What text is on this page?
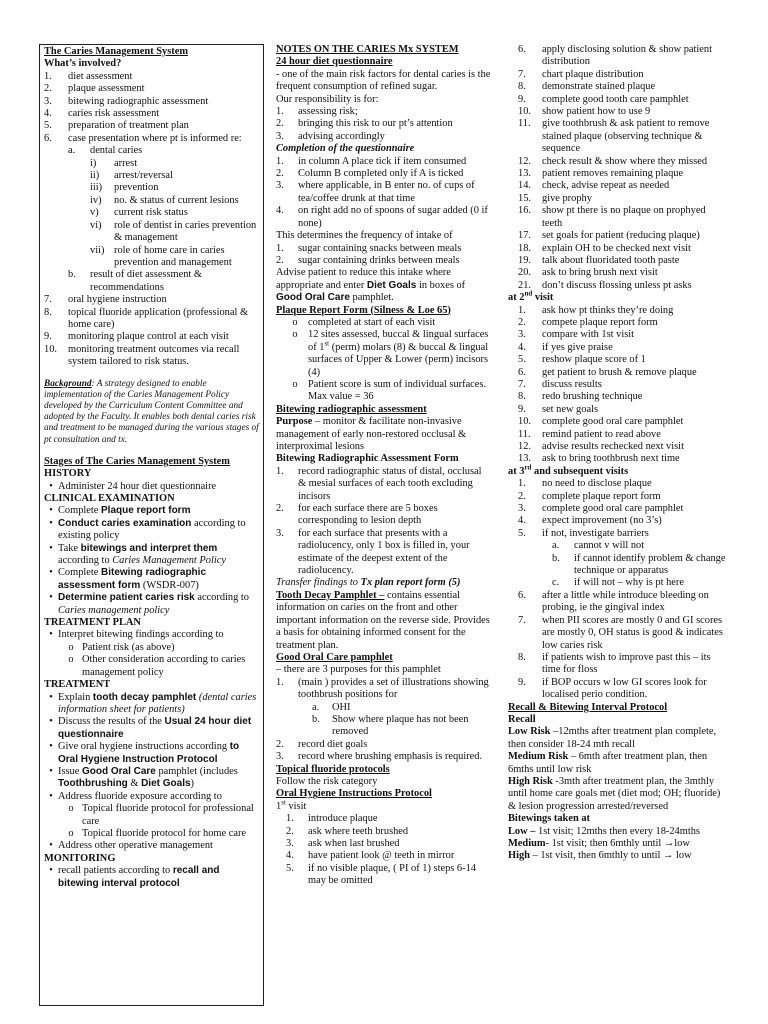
The Caries Management System
What’s involved?
1.	diet assessment
2.	plaque assessment
3.	bitewing radiographic assessment
4.	caries risk assessment
5.	preparation of treatment plan
6.	case presentation where pt is informed re:
a.	dental caries
i)	arrest
ii)	arrest/reversal
iii)	prevention
iv)	no. & status of current lesions
v)	current risk status
vi)	role of dentist in caries prevention & management
vii) role of home care in caries prevention and management
b.	result of diet assessment & recommendations
7.	oral hygiene instruction
8.	topical fluoride application (professional & home care)
9.	monitoring plaque control at each visit
10.	monitoring treatment outcomes via recall system tailored to risk status.
Background: A strategy designed to enable implementation of the Caries Management Policy developed by the Curriculum Content Committee and adopted by the Faculty. It enables both dental caries risk and treatment to be managed during the various stages of pt consultation and tx.
Stages of The Caries Management System
HISTORY
• Administer 24 hour diet questionnaire
CLINICAL EXAMINATION
• Complete Plaque report form
• Conduct caries examination according to existing policy
• Take bitewings and interpret them according to Caries Management Policy
• Complete Bitewing radiographic assessment form (WSDR-007)
• Determine patient caries risk according to Caries management policy
TREATMENT PLAN
• Interpret bitewing findings according to
o Patient risk (as above)
o Other consideration according to caries management policy
TREATMENT
• Explain tooth decay pamphlet (dental caries information sheet for patients)
• Discuss the results of the Usual 24 hour diet questionnaire
• Give oral hygiene instructions according to Oral Hygiene Instruction Protocol
• Issue Good Oral Care pamphlet (includes Toothbrushing & Diet Goals)
• Address fluoride exposure according to
o Topical fluoride protocol for professional care
o Topical fluoride protocol for home care
• Address other operative management
MONITORING
• recall patients according to recall and bitewing interval protocol
NOTES ON THE CARIES Mx SYSTEM
24 hour diet questionnaire
- one of the main risk factors for dental caries is the frequent consumption of refined sugar.
Our responsibility is for:
1.	assessing risk;
2.	bringing this risk to our pt’s attention
3.	advising accordingly
Completion of the questionnaire
1.	in column A place tick if item consumed
2.	Column B completed only if A is ticked
3.	where applicable, in B enter no. of cups of tea/coffee drunk at that time
4.	on right add no of spoons of sugar added (0 if none)
This determines the frequency of intake of
1.	sugar containing snacks between meals
2.	sugar containing drinks between meals
Advise patient to reduce this intake where appropriate and enter Diet Goals in boxes of Good Oral Care pamphlet.
Plaque Report Form (Silness & Loe 65)
o	completed at start of each visit
o	12 sites assessed, buccal & lingual surfaces of 1st (perm) molars (8) & buccal & lingual surfaces of Upper & Lower (perm) incisors (4)
o	Patient score is sum of individual surfaces. Max value = 36
Bitewing radiographic assessment
Purpose – monitor & facilitate non-invasive management of early non-restored occlusal & interproximal lesions
Bitewing Radiographic Assessment Form
1.	record radiographic status of distal, occlusal & mesial surfaces of each tooth excluding incisors
2.	for each surface there are 5 boxes corresponding to lesion depth
3.	for each surface that presents with a radiolucency, only 1 box is filled in, your estimate of the deepest extent of the radiolucency.
Transfer findings to Tx plan report form (5)
Tooth Decay Pamphlet – contains essential information on caries on the front and other important information on the reverse side. Provides a basis for obtaining informed consent for the treatment plan.
Good Oral Care pamphlet
– there are 3 purposes for this pamphlet
1.	(main ) provides a set of illustrations showing toothbrush positions for
a.	OHI
b.	Show where plaque has not been removed
2.	record diet goals
3.	record where brushing emphasis is required.
Topical fluoride protocols
Follow the risk category
Oral Hygiene Instructions Protocol
1st visit
1.	introduce plaque
2.	ask where teeth brushed
3.	ask when last brushed
4.	have patient look @ teeth in mirror
5.	if no visible plaque, ( PI of 1) steps 6-14 may be omitted
6.	apply disclosing solution & show patient distribution
7.	chart plaque distribution
8.	demonstrate stained plaque
9.	complete good tooth care pamphlet
10.	show patient how to use 9
11.	give toothbrush & ask patient to remove stained plaque (observing technique & sequence
12.	check result & show where they missed
13.	patient removes remaining plaque
14.	check, advise repeat as needed
15.	give prophy
16.	show pt there is no plaque on prophyed teeth
17.	set goals for patient (reducing plaque)
18.	explain OH to be checked next visit
19.	talk about fluoridated tooth paste
20.	ask to bring brush next visit
21.	don’t discuss flossing unless pt asks
at 2nd visit
1.	ask how pt thinks they’re doing
2.	compete plaque report form
3.	compare with 1st visit
4.	if yes give praise
5.	reshow plaque score of 1
6.	get patient to brush & remove plaque
7.	discuss results
8.	redo brushing technique
9.	set new goals
10.	complete good oral care pamphlet
11.	remind patient to read above
12.	advise results rechecked next visit
13.	ask to bring toothbrush next time
at 3rd and subsequent visits
1.	no need to disclose plaque
2.	complete plaque report form
3.	complete good oral care pamphlet
4.	expect improvement (no 3’s)
5.	if not, investigate barriers
a.	cannot v will not
b.	if cannot identify problem & change technique or apparatus
c.	if will not – why is pt here
6.	after a little while introduce bleeding on probing, ie the gingival index
7.	when PII scores are mostly 0 and GI scores are mostly 0, OH status is good & indicates low caries risk
8.	if patients wish to improve past this – its time for floss
9.	if BOP occurs w low GI scores look for localised perio condition.
Recall & Bitewing Interval Protocol
Recall
Low Risk –12mths after treatment plan complete, then consider 18-24 mth recall
Medium Risk – 6mth after treatment plan, then 6mths until low risk
High Risk -3mth after treatment plan, the 3mthly until home care goals met (diet mod; OH; fluoride) & lesion progression arrested/reversed
Bitewings taken at
Low – 1st visit; 12mths then every 18-24mths
Medium- 1st visit; then 6mthly until →low
High – 1st visit, then 6mthly to until → low
